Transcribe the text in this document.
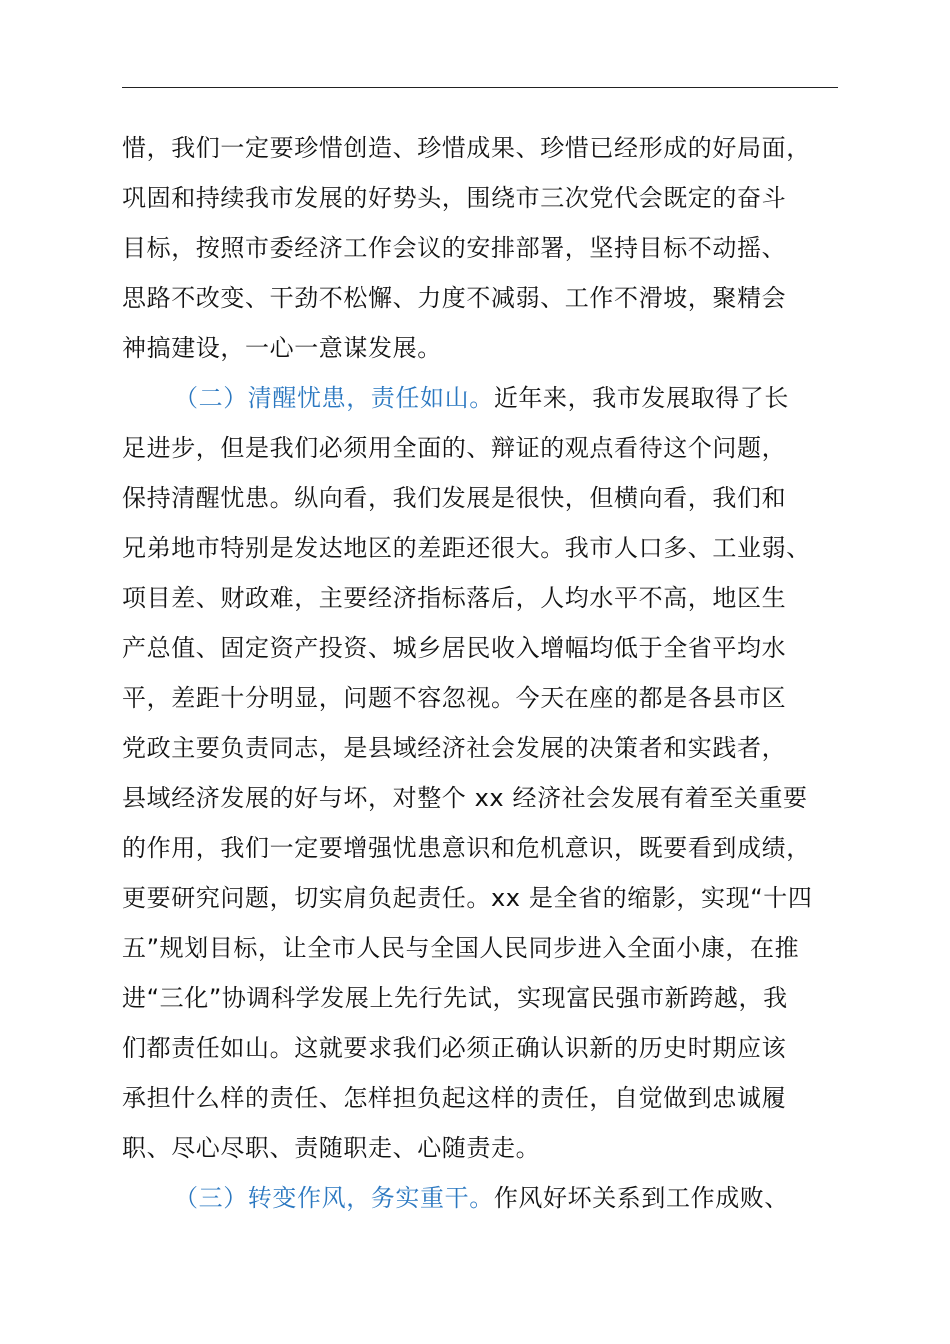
惜，我们一定要珍惜创造、珍惜成果、珍惜已经形成的好局面，
巩固和持续我市发展的好势头，围绕市三次党代会既定的奋斗
目标，按照市委经济工作会议的安排部署，坚持目标不动摇、
思路不改变、干劲不松懈、力度不减弱、工作不滑坡，聚精会
神搞建设，一心一意谋发展。
（二）清醒忧患，责任如山。近年来，我市发展取得了长
足进步，但是我们必须用全面的、辩证的观点看待这个问题，
保持清醒忧患。纵向看，我们发展是很快，但横向看，我们和
兄弟地市特别是发达地区的差距还很大。我市人口多、工业弱、
项目差、财政难，主要经济指标落后，人均水平不高，地区生
产总值、固定资产投资、城乡居民收入增幅均低于全省平均水
平，差距十分明显，问题不容忽视。今天在座的都是各县市区
党政主要负责同志，是县域经济社会发展的决策者和实践者，
县域经济发展的好与坏，对整个 xx 经济社会发展有着至关重要
的作用，我们一定要增强忧患意识和危机意识，既要看到成绩，
更要研究问题，切实肩负起责任。xx 是全省的缩影，实现“十四
五”规划目标，让全市人民与全国人民同步进入全面小康，在推
进“三化”协调科学发展上先行先试，实现富民强市新跨越，我
们都责任如山。这就要求我们必须正确认识新的历史时期应该
承担什么样的责任、怎样担负起这样的责任，自觉做到忠诚履
职、尽心尽职、责随职走、心随责走。
（三）转变作风，务实重干。作风好坏关系到工作成败、
